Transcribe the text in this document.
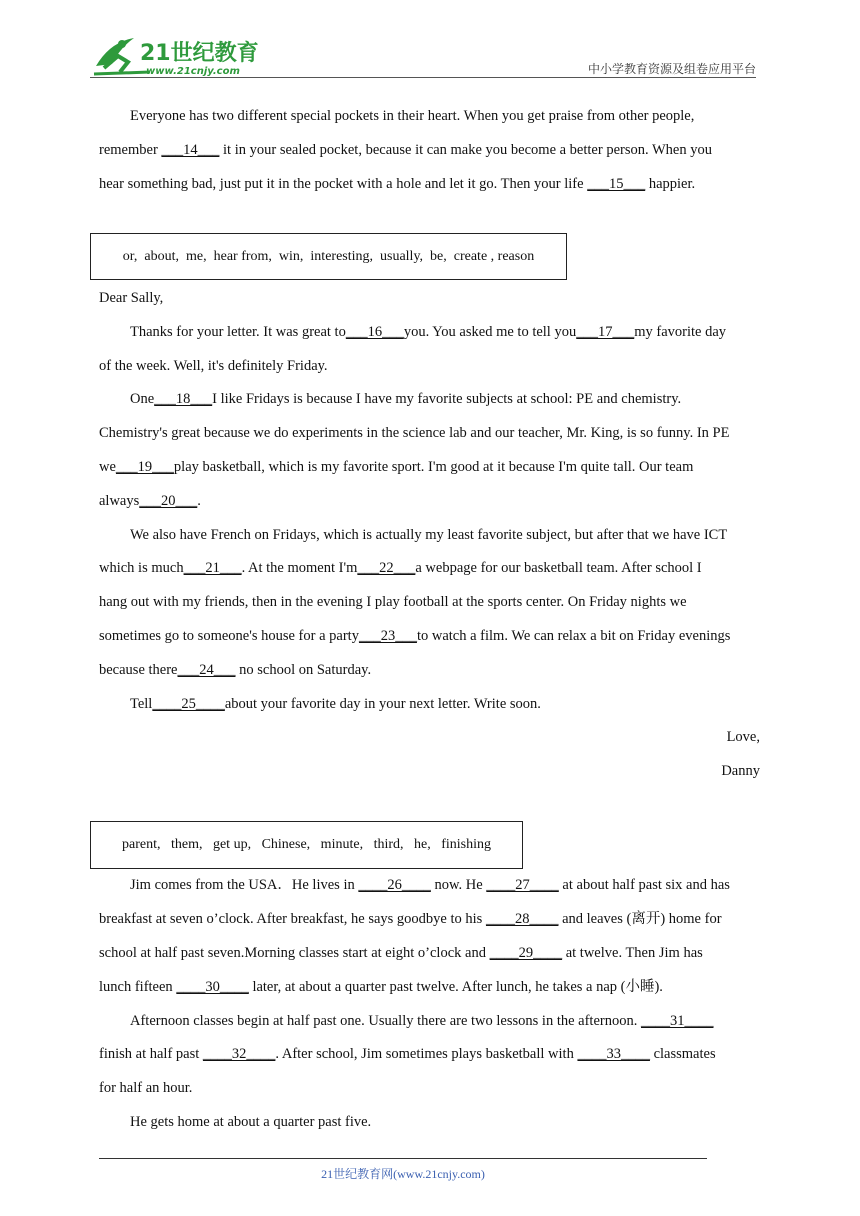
21世纪教育
www.21cnjy.com	中小学教育资源及组卷应用平台
Everyone has two different special pockets in their heart. When you get praise from other people,
remember ___14___ it in your sealed pocket, because it can make you become a better person. When you
hear something bad, just put it in the pocket with a hole and let it go. Then your life ___15___ happier.
or,  about,  me,  hear from,  win,  interesting,  usually,  be,  create , reason
Dear Sally,
Thanks for your letter. It was great to___16___you. You asked me to tell you___17___my favorite day
of the week. Well, it's definitely Friday.
One___18___I like Fridays is because I have my favorite subjects at school: PE and chemistry.
Chemistry's great because we do experiments in the science lab and our teacher, Mr. King, is so funny. In PE
we___19___play basketball, which is my favorite sport. I'm good at it because I'm quite tall. Our team
always___20___.
We also have French on Fridays, which is actually my least favorite subject, but after that we have ICT
which is much___21___. At the moment I'm___22___a webpage for our basketball team. After school I
hang out with my friends, then in the evening I play football at the sports center. On Friday nights we
sometimes go to someone's house for a party___23___to watch a film. We can relax a bit on Friday evenings
because there___24___ no school on Saturday.
Tell____25____about your favorite day in your next letter. Write soon.
Love,
Danny
parent,   them,   get up,   Chinese,   minute,   third,   he,   finishing
Jim comes from the USA．He lives in ____26____ now. He ____27____ at about half past six and has
breakfast at seven o’clock. After breakfast, he says goodbye to his ____28____ and leaves (离开) home for
school at half past seven.Morning classes start at eight o’clock and ____29____ at twelve. Then Jim has
lunch fifteen ____30____ later, at about a quarter past twelve. After lunch, he takes a nap (小睡).
Afternoon classes begin at half past one. Usually there are two lessons in the afternoon. ____31____
finish at half past ____32____. After school, Jim sometimes plays basketball with ____33____ classmates
for half an hour.
He gets home at about a quarter past five.
21世纪教育网(www.21cnjy.com)
